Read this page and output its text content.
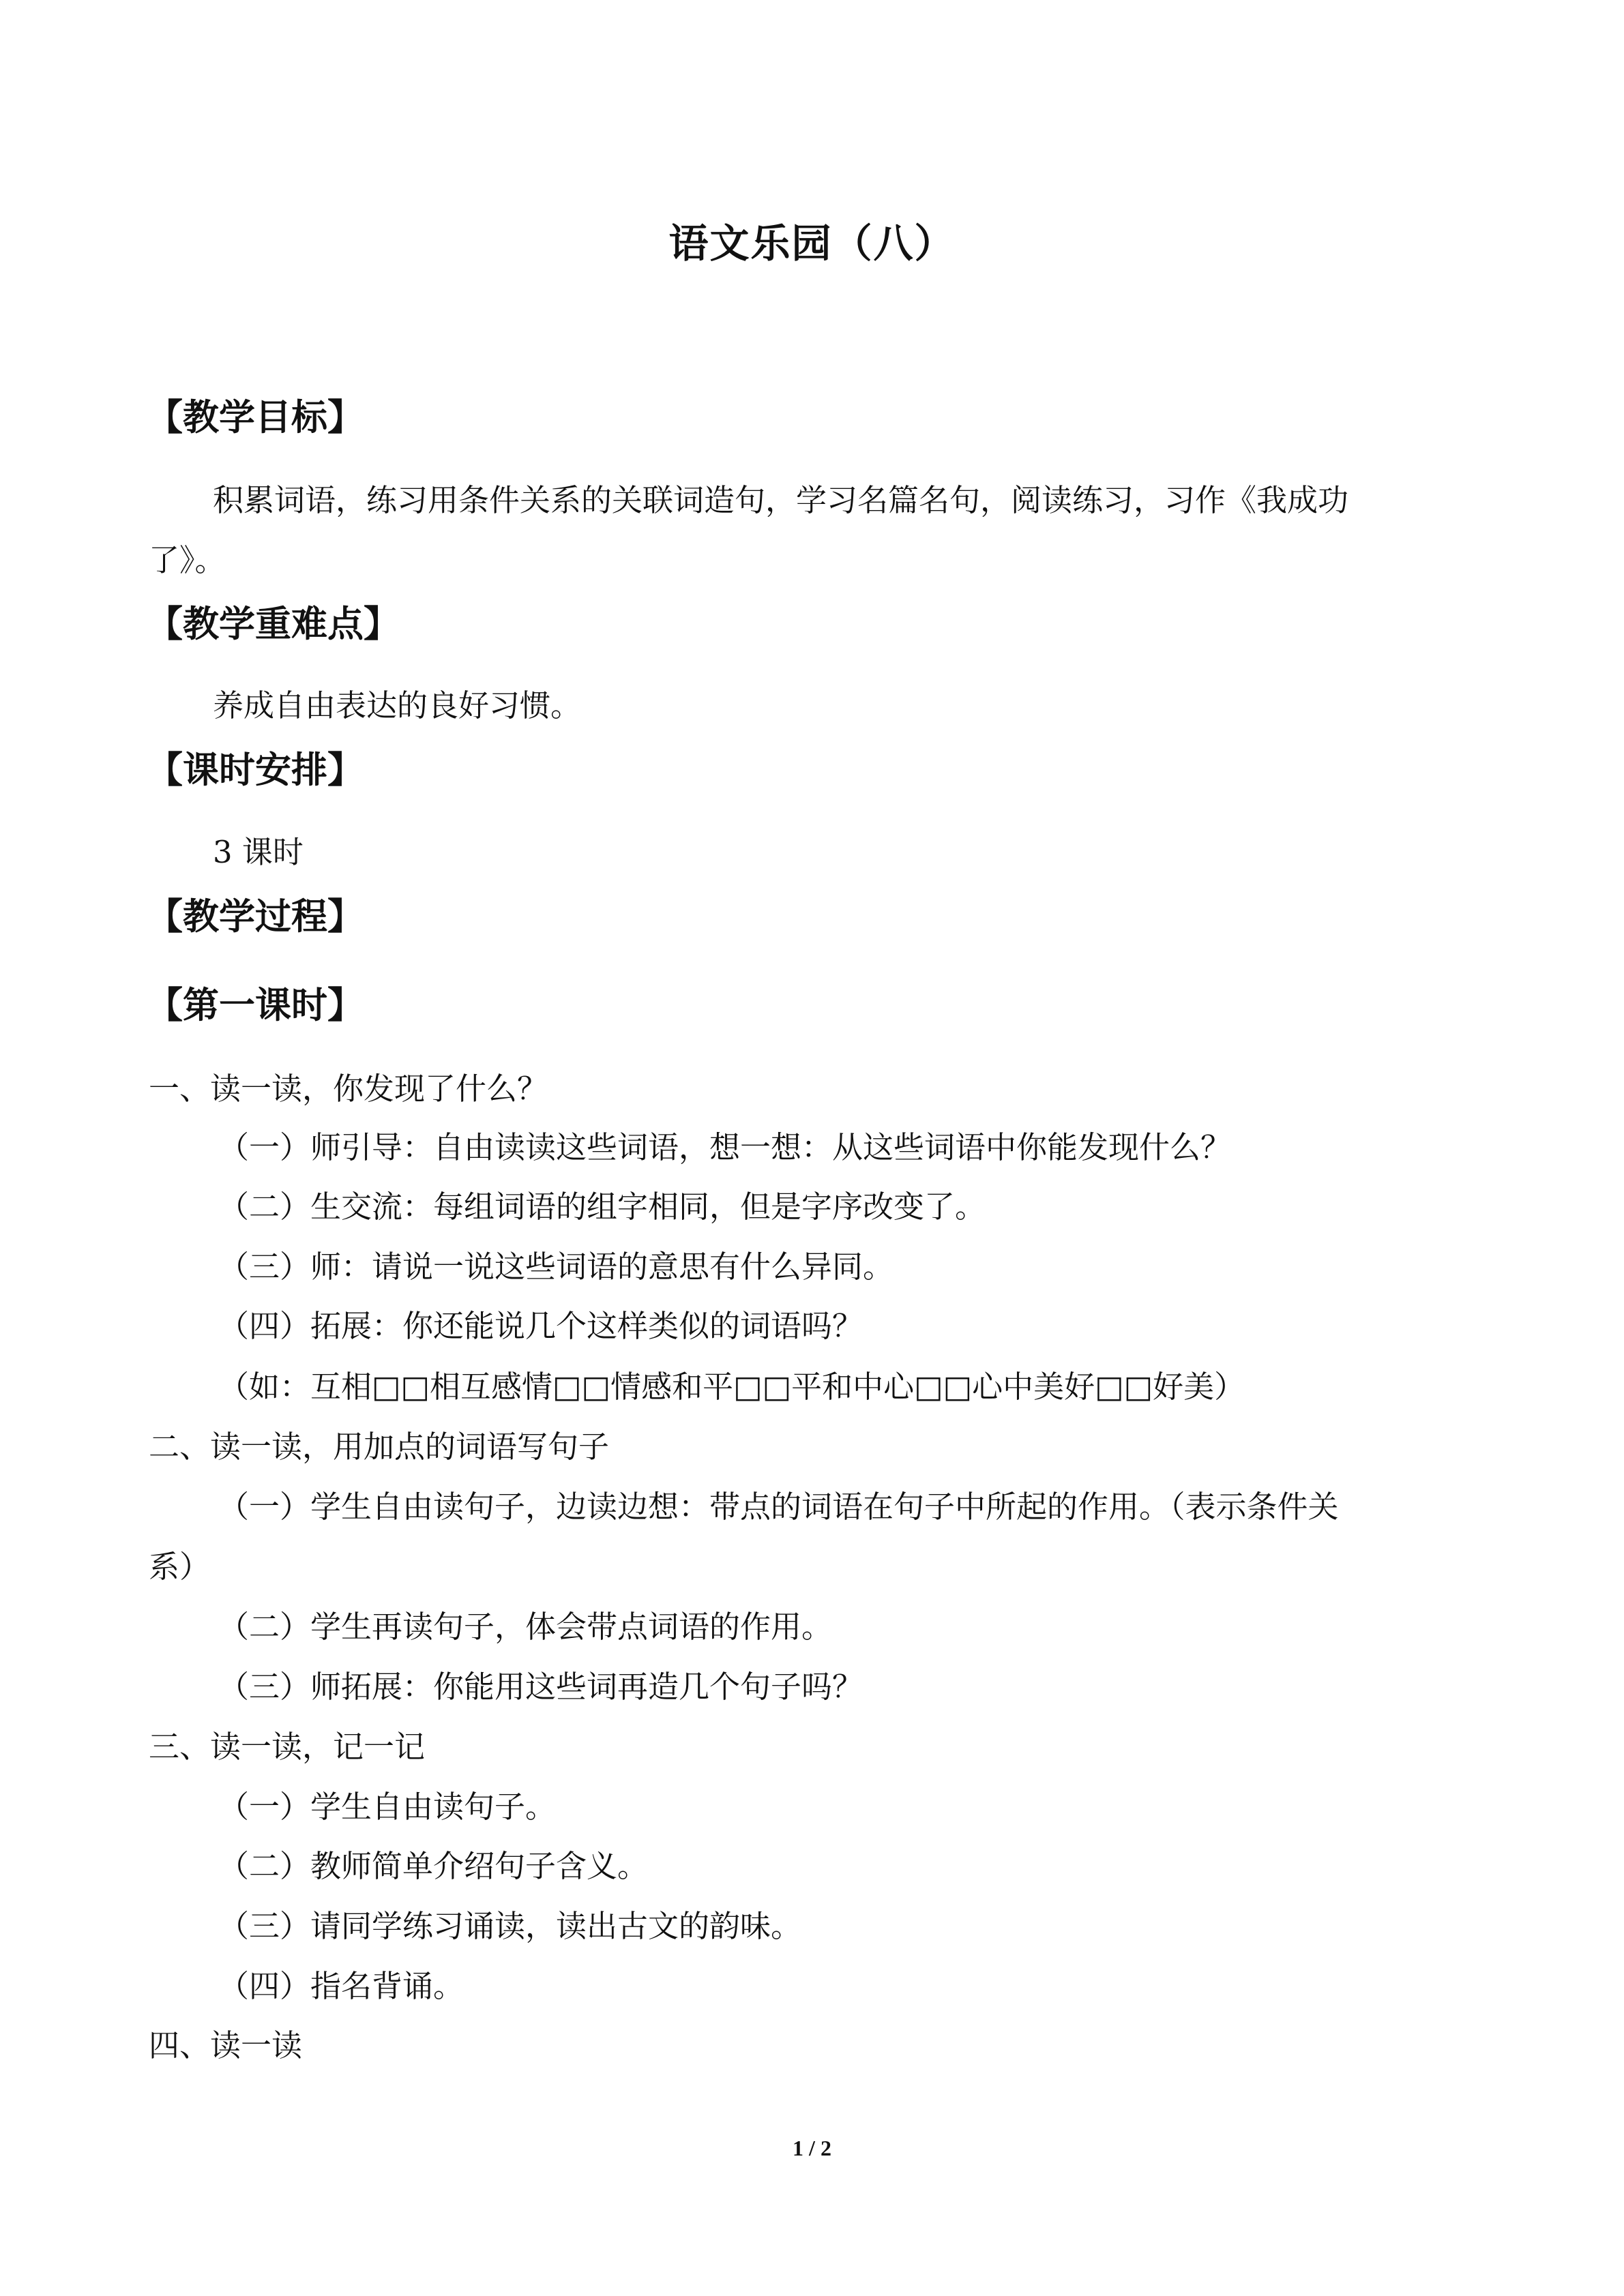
语文乐园（八）
【教学目标】
积累词语，练习用条件关系的关联词造句，学习名篇名句，阅读练习，习作《我成功
了》。
【教学重难点】
养成自由表达的良好习惯。
【课时安排】
3 课时
【教学过程】
【第一课时】
一、读一读，你发现了什么？
（一）师引导：自由读读这些词语，想一想：从这些词语中你能发现什么？
（二）生交流：每组词语的组字相同，但是字序改变了。
（三）师：请说一说这些词语的意思有什么异同。
（四）拓展：你还能说几个这样类似的词语吗？
（如：互相□□相互感情□□情感和平□□平和中心□□心中美好□□好美）
二、读一读，用加点的词语写句子
（一）学生自由读句子，边读边想：带点的词语在句子中所起的作用。（表示条件关
系）
（二）学生再读句子，体会带点词语的作用。
（三）师拓展：你能用这些词再造几个句子吗？
三、读一读，记一记
（一）学生自由读句子。
（二）教师简单介绍句子含义。
（三）请同学练习诵读，读出古文的韵味。
（四）指名背诵。
四、读一读
1 / 2
